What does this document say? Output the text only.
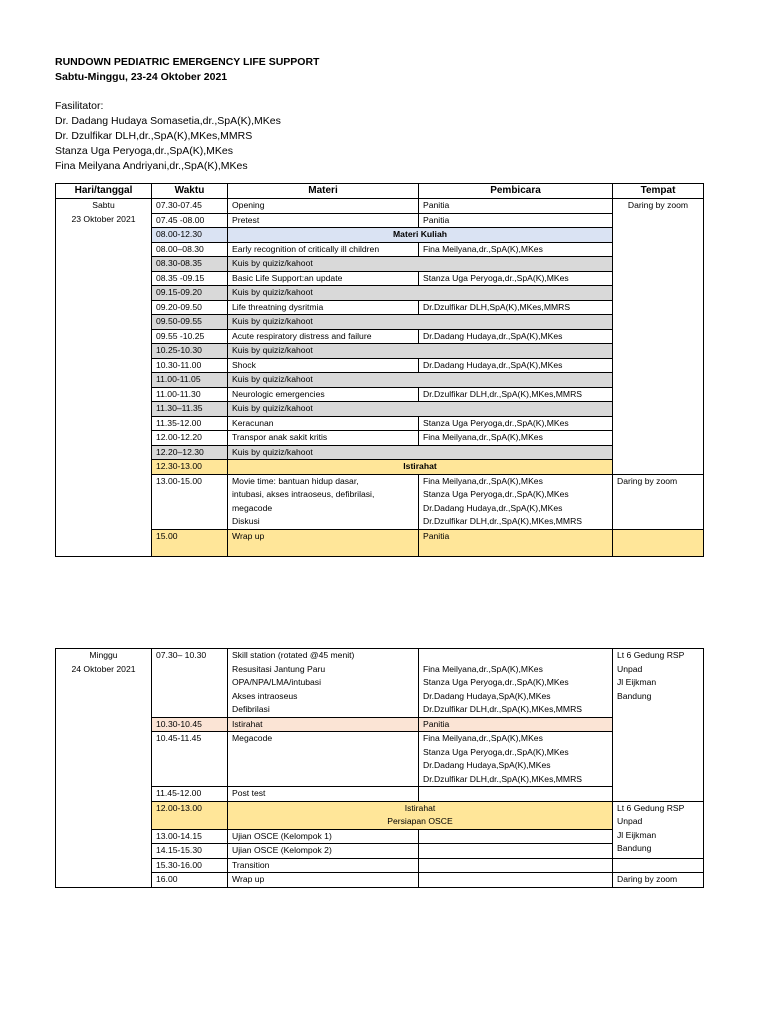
RUNDOWN PEDIATRIC EMERGENCY LIFE SUPPORT
Sabtu-Minggu, 23-24 Oktober 2021
Fasilitator:
Dr. Dadang Hudaya Somasetia,dr.,SpA(K),MKes
Dr. Dzulfikar DLH,dr.,SpA(K),MKes,MMRS
Stanza Uga Peryoga,dr.,SpA(K),MKes
Fina Meilyana Andriyani,dr.,SpA(K),MKes
Hari/tanggal	Waktu	Materi	Pembicara	Tempat

Sabtu
23 Oktober 2021	07.30-07.45	Opening	Panitia	Daring by zoom
	07.45 -08.00	Pretest	Panitia	
	08.00-12.30	Materi Kuliah		
	08.00–08.30	Early recognition of critically ill children	Fina Meilyana,dr.,SpA(K),MKes	
	08.30-08.35	Kuis by quiziz/kahoot		
	08.35 -09.15	Basic Life Support:an update	Stanza Uga Peryoga,dr.,SpA(K),MKes	
	09.15-09.20	Kuis by quiziz/kahoot		
	09.20-09.50	Life threatning dysritmia	Dr.Dzulfikar DLH,SpA(K),MKes,MMRS	
	09.50-09.55	Kuis by quiziz/kahoot		
	09.55 -10.25	Acute respiratory distress and failure	Dr.Dadang Hudaya,dr.,SpA(K),MKes	
	10.25-10.30	Kuis by quiziz/kahoot		
	10.30-11.00	Shock	Dr.Dadang Hudaya,dr.,SpA(K),MKes	
	11.00-11.05	Kuis by quiziz/kahoot		
	11.00-11.30	Neurologic emergencies	Dr.Dzulfikar DLH,dr.,SpA(K),MKes,MMRS	
	11.30–11.35	Kuis by quiziz/kahoot		
	11.35-12.00	Keracunan	Stanza Uga Peryoga,dr.,SpA(K),MKes	
	12.00-12.20	Transpor anak sakit kritis	Fina Meilyana,dr.,SpA(K),MKes	
	12.20–12.30	Kuis by quiziz/kahoot		
	12.30-13.00	Istirahat		
	13.00-15.00	Movie time: bantuan hidup dasar,
intubasi, akses intraoseus, defibrilasi,
megacode
Diskusi	Fina Meilyana,dr.,SpA(K),MKes
Stanza Uga Peryoga,dr.,SpA(K),MKes
Dr.Dadang Hudaya,dr.,SpA(K),MKes
Dr.Dzulfikar DLH,dr.,SpA(K),MKes,MMRS	Daring by zoom
	15.00	Wrap up	Panitia	
Minggu
24 Oktober 2021	07.30– 10.30	Skill station (rotated @45 menit)
Resusitasi Jantung Paru
OPA/NPA/LMA/intubasi
Akses intraoseus
Defibrilasi	Fina Meilyana,dr.,SpA(K),MKes
Stanza Uga Peryoga,dr.,SpA(K),MKes
Dr.Dadang Hudaya,SpA(K),MKes
Dr.Dzulfikar DLH,dr.,SpA(K),MKes,MMRS	Lt 6 Gedung RSP
Unpad
Jl Eijkman
Bandung

	10.30-10.45	Istirahat	Panitia	
	10.45-11.45	Megacode	Fina Meilyana,dr.,SpA(K),MKes
Stanza Uga Peryoga,dr.,SpA(K),MKes
Dr.Dadang Hudaya,SpA(K),MKes
Dr.Dzulfikar DLH,dr.,SpA(K),MKes,MMRS	

	11.45-12.00	Post test		
	12.00-13.00	Istirahat
Persiapan OSCE		Lt 6 Gedung RSP
Unpad
Jl Eijkman
Bandung

	13.00-14.15	Ujian OSCE (Kelompok 1)		
	14.15-15.30	Ujian OSCE (Kelompok 2)		
	15.30-16.00	Transition		
	16.00	Wrap up		Daring by zoom
